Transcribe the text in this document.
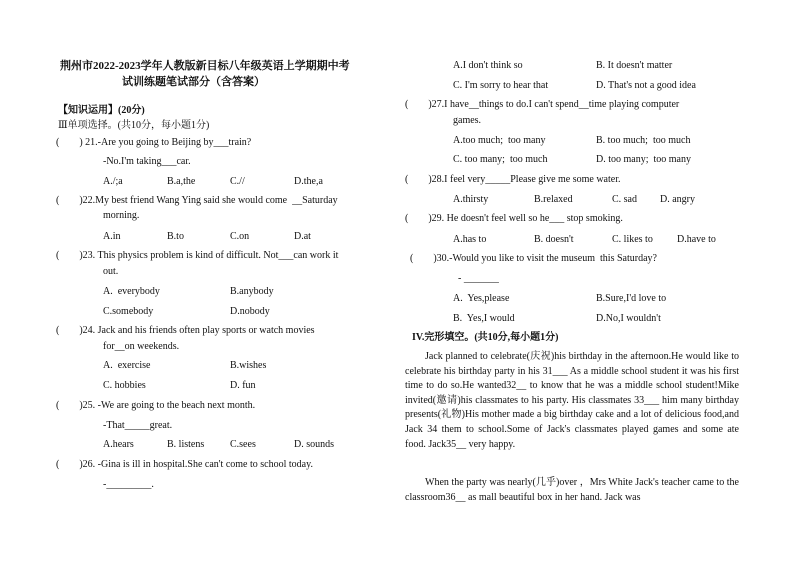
荆州市2022-2023学年人教版新目标八年级英语上学期期中考
试训练题笔试部分（含答案）
【知识运用】(20分)
Ⅲ单项选择。(共10分，每小题1分)
(        ) 21.-Are you going to Beijing by___train?
-No.I'm taking___car.
A./;a	B.a,the	C.//	D.the,a
(        )22.My best friend Wang Ying said she would come  __Saturday
morning.
A.in	B.to	C.on	D.at
(        )23. This physics problem is kind of difficult. Not___can work it
out.
A.  everybody	B.anybody
C.somebody	D.nobody
(        )24. Jack and his friends often play sports or watch movies
for__on weekends.
A.  exercise	B.wishes
C. hobbies	D. fun
(        )25. -We are going to the beach next month.
-That_____great.
A.hears	B. listens	C.sees	D. sounds
(        )26. -Gina is ill in hospital.She can't come to school today.
-_________.
A.I don't think so	B. It doesn't matter
C. I'm sorry to hear that	D. That's not a good idea
(        )27.I have__things to do.I can't spend__time playing computer
games.
A.too much;  too many	B. too much;  too much
C. too many;  too much	D. too many;  too many
(        )28.I feel very_____Please give me some water.
A.thirsty	B.relaxed	C. sad D. angry
(        )29. He doesn't feel well so he___ stop smoking.
A.has to	B. doesn't	C. likes to D.have to
(        )30.-Would you like to visit the museum  this Saturday?
- _______
A.  Yes,please	B.Sure,I'd love to
B.  Yes,I would	D.No,I wouldn't
IV.完形填空。(共10分,每小题1分)
Jack planned to celebrate(庆祝)his birthday in the afternoon.He would like to celebrate his birthday party in his 31___ As a middle school student it was his first time to do so.He wanted32__ to know that he was a middle school student!Mike invited(邀请)his classmates to his party. His classmates 33___ him many birthday presents(礼物)His mother made a big birthday cake and a lot of delicious food,and Jack 34 them to school.Some of Jack's classmates played games and some ate food. Jack35__ very happy.
When the party was nearly(几乎)over ，Mrs White Jack's teacher came to the classroom36__ as mall beautiful box in her hand. Jack was
